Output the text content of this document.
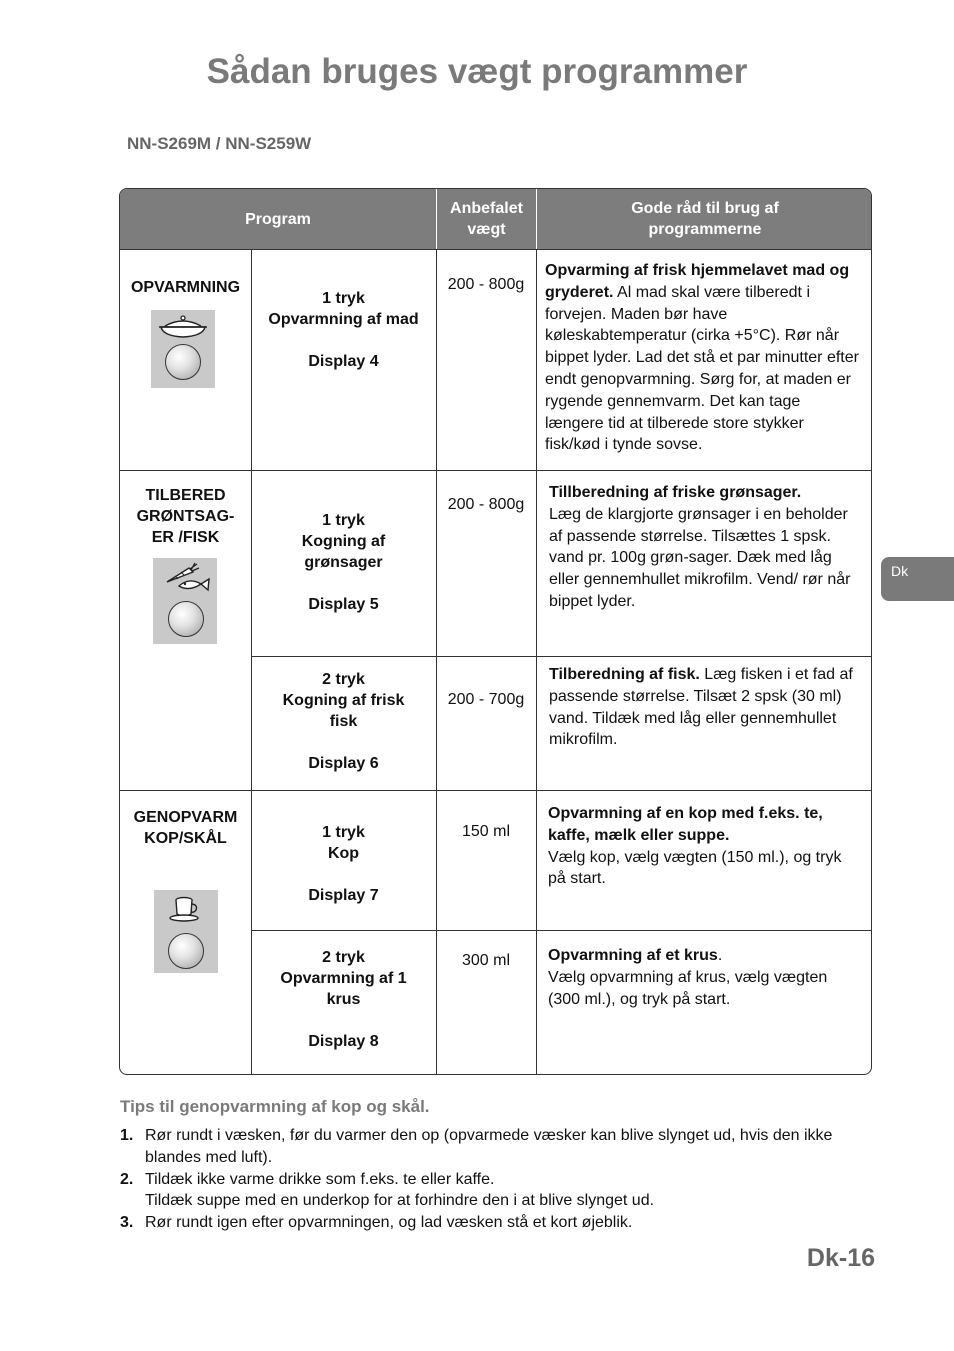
Sådan bruges vægt programmer
NN-S269M / NN-S259W
Dk
Program
Anbefalet vægt
Gode råd til brug af programmerne
OPVARMNING
1 tryk
Opvarmning af mad
Display 4
200 - 800g
Opvarming af frisk hjemmelavet mad og gryderet. Al mad skal være tilberedt i forvejen. Maden bør have køleskabtemperatur (cirka +5°C). Rør når bippet lyder. Lad det stå et par minutter efter endt genopvarmning. Sørg for, at maden er rygende gennemvarm. Det kan tage længere tid at tilberede store stykker fisk/kød i tynde sovse.
TILBERED GRØNTSAG-ER /FISK
1 tryk
Kogning af grønsager
Display 5
200 - 800g
Tillberedning af friske grønsager.
Læg de klargjorte grønsager i en beholder af passende størrelse. Tilsættes 1 spsk. vand pr. 100g grøn-sager. Dæk med låg eller gennemhullet mikrofilm. Vend/ rør når bippet lyder.
2 tryk
Kogning af frisk fisk
Display 6
200 - 700g
Tilberedning af fisk. Læg fisken i et fad af passende størrelse. Tilsæt 2 spsk (30 ml) vand. Tildæk med låg eller gennemhullet mikrofilm.
GENOPVARM KOP/SKÅL	1 tryk
Kop
Display 7
150 ml
Opvarmning af en kop med f.eks. te, kaffe, mælk eller suppe.
Vælg kop, vælg vægten (150 ml.), og tryk på start.
2 tryk
Opvarmning af 1 krus
Display 8
300 ml	Opvarmning af et krus.
Vælg opvarmning af krus, vælg vægten (300 ml.), og tryk på start.
Tips til genopvarmning af kop og skål.
1. Rør rundt i væsken, før du varmer den op (opvarmede væsker kan blive slynget ud, hvis den ikke blandes med luft).
2. Tildæk ikke varme drikke som f.eks. te eller kaffe.
Tildæk suppe med en underkop for at forhindre den i at blive slynget ud.
3. Rør rundt igen efter opvarmningen, og lad væsken stå et kort øjeblik.
Dk-16
